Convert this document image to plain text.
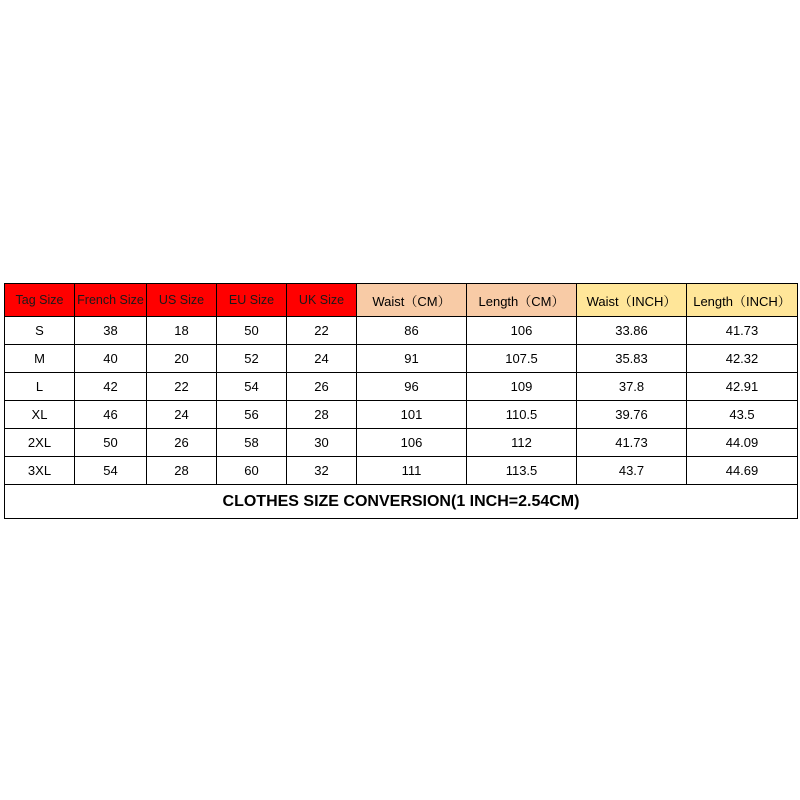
Tag Size	French Size	US Size	EU Size	UK Size	Waist（CM）	Length（CM）	Waist（INCH）	Length（INCH）
S	38	18	50	22	86	106	33.86	41.73
M	40	20	52	24	91	107.5	35.83	42.32
L	42	22	54	26	96	109	37.8	42.91
XL	46	24	56	28	101	110.5	39.76	43.5
2XL	50	26	58	30	106	112	41.73	44.09
3XL	54	28	60	32	111	113.5	43.7	44.69
CLOTHES SIZE CONVERSION(1 INCH=2.54CM)								
